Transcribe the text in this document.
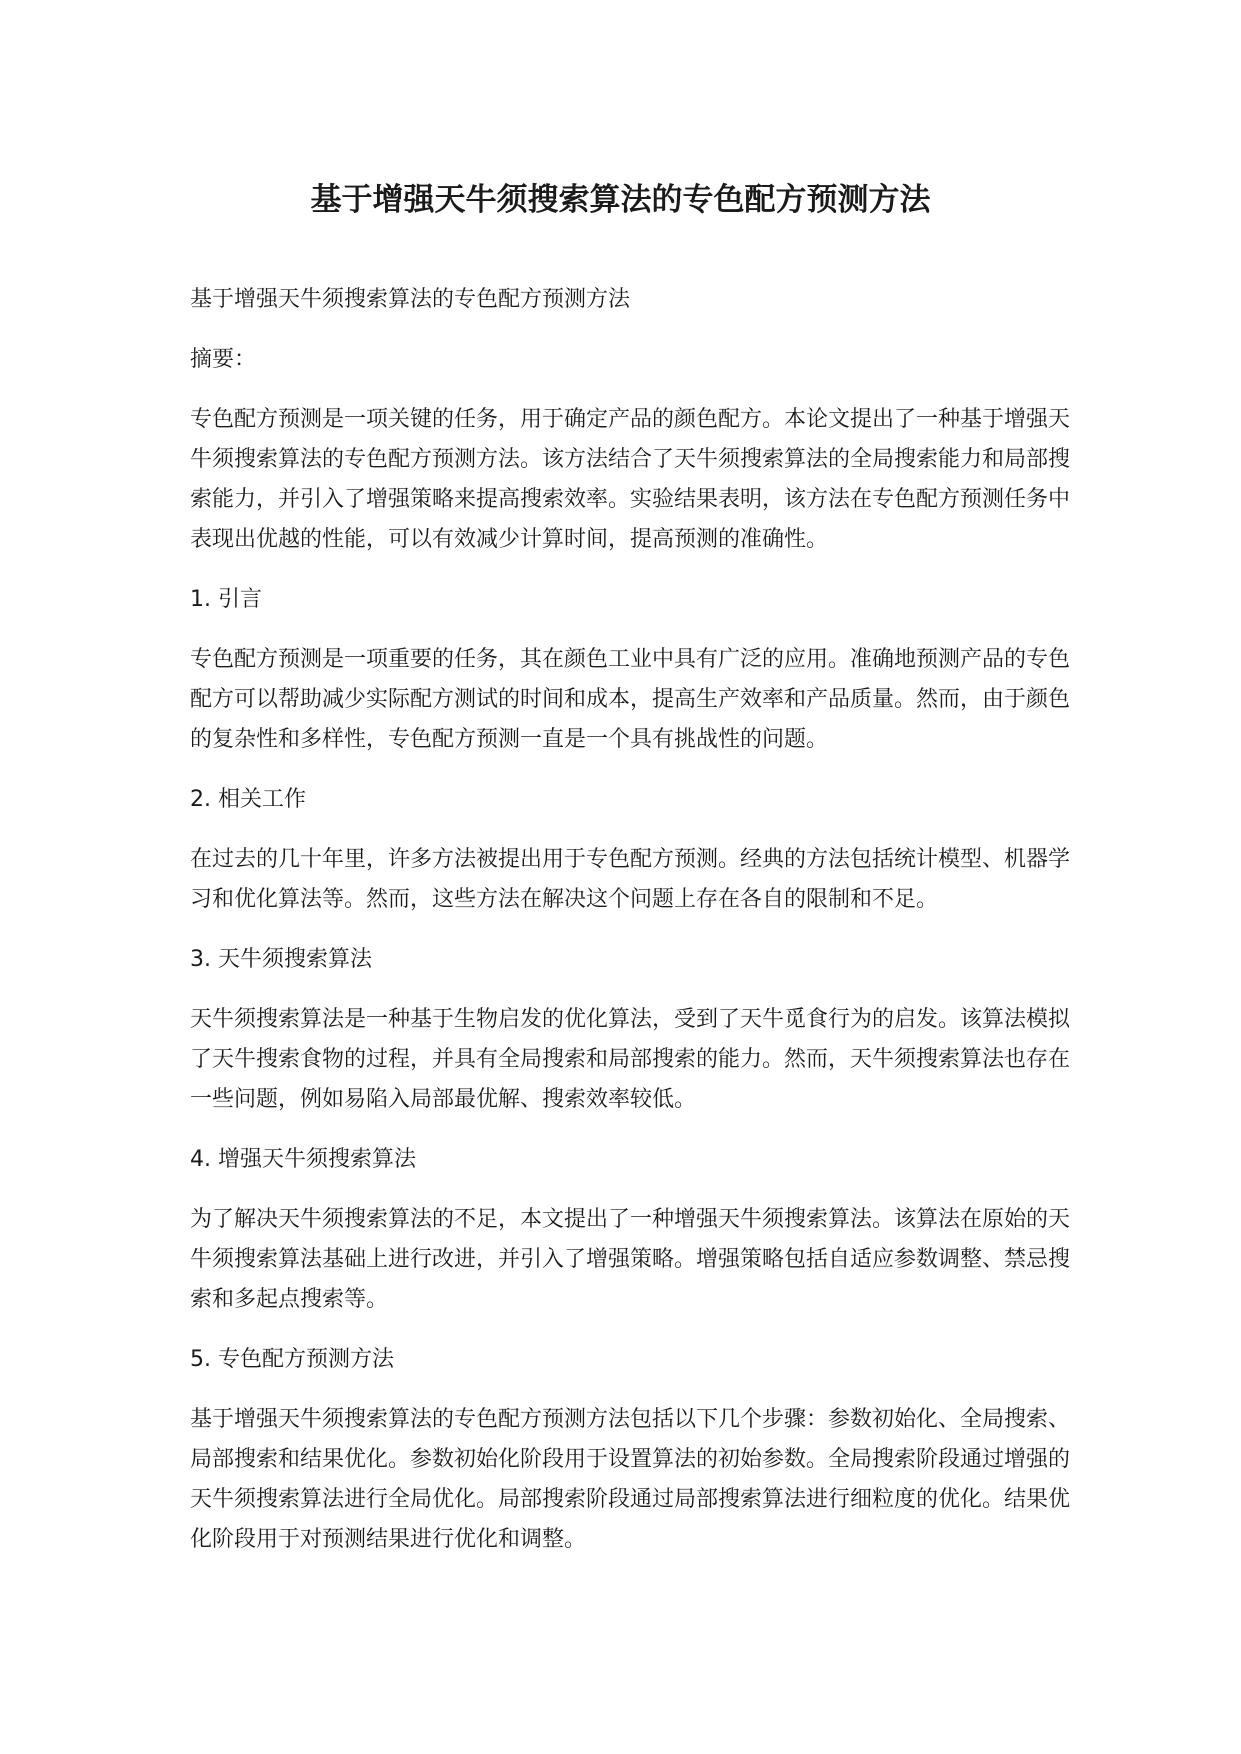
基于增强天牛须搜索算法的专色配方预测方法

基于增强天牛须搜索算法的专色配方预测方法

摘要：

专色配方预测是一项关键的任务，用于确定产品的颜色配方。本论文提出了一种基于增强天牛须搜索算法的专色配方预测方法。该方法结合了天牛须搜索算法的全局搜索能力和局部搜索能力，并引入了增强策略来提高搜索效率。实验结果表明，该方法在专色配方预测任务中表现出优越的性能，可以有效减少计算时间，提高预测的准确性。

1. 引言

专色配方预测是一项重要的任务，其在颜色工业中具有广泛的应用。准确地预测产品的专色配方可以帮助减少实际配方测试的时间和成本，提高生产效率和产品质量。然而，由于颜色的复杂性和多样性，专色配方预测一直是一个具有挑战性的问题。

2. 相关工作

在过去的几十年里，许多方法被提出用于专色配方预测。经典的方法包括统计模型、机器学习和优化算法等。然而，这些方法在解决这个问题上存在各自的限制和不足。

3. 天牛须搜索算法

天牛须搜索算法是一种基于生物启发的优化算法，受到了天牛觅食行为的启发。该算法模拟了天牛搜索食物的过程，并具有全局搜索和局部搜索的能力。然而，天牛须搜索算法也存在一些问题，例如易陷入局部最优解、搜索效率较低。

4. 增强天牛须搜索算法

为了解决天牛须搜索算法的不足，本文提出了一种增强天牛须搜索算法。该算法在原始的天牛须搜索算法基础上进行改进，并引入了增强策略。增强策略包括自适应参数调整、禁忌搜索和多起点搜索等。

5. 专色配方预测方法

基于增强天牛须搜索算法的专色配方预测方法包括以下几个步骤：参数初始化、全局搜索、局部搜索和结果优化。参数初始化阶段用于设置算法的初始参数。全局搜索阶段通过增强的天牛须搜索算法进行全局优化。局部搜索阶段通过局部搜索算法进行细粒度的优化。结果优化阶段用于对预测结果进行优化和调整。
